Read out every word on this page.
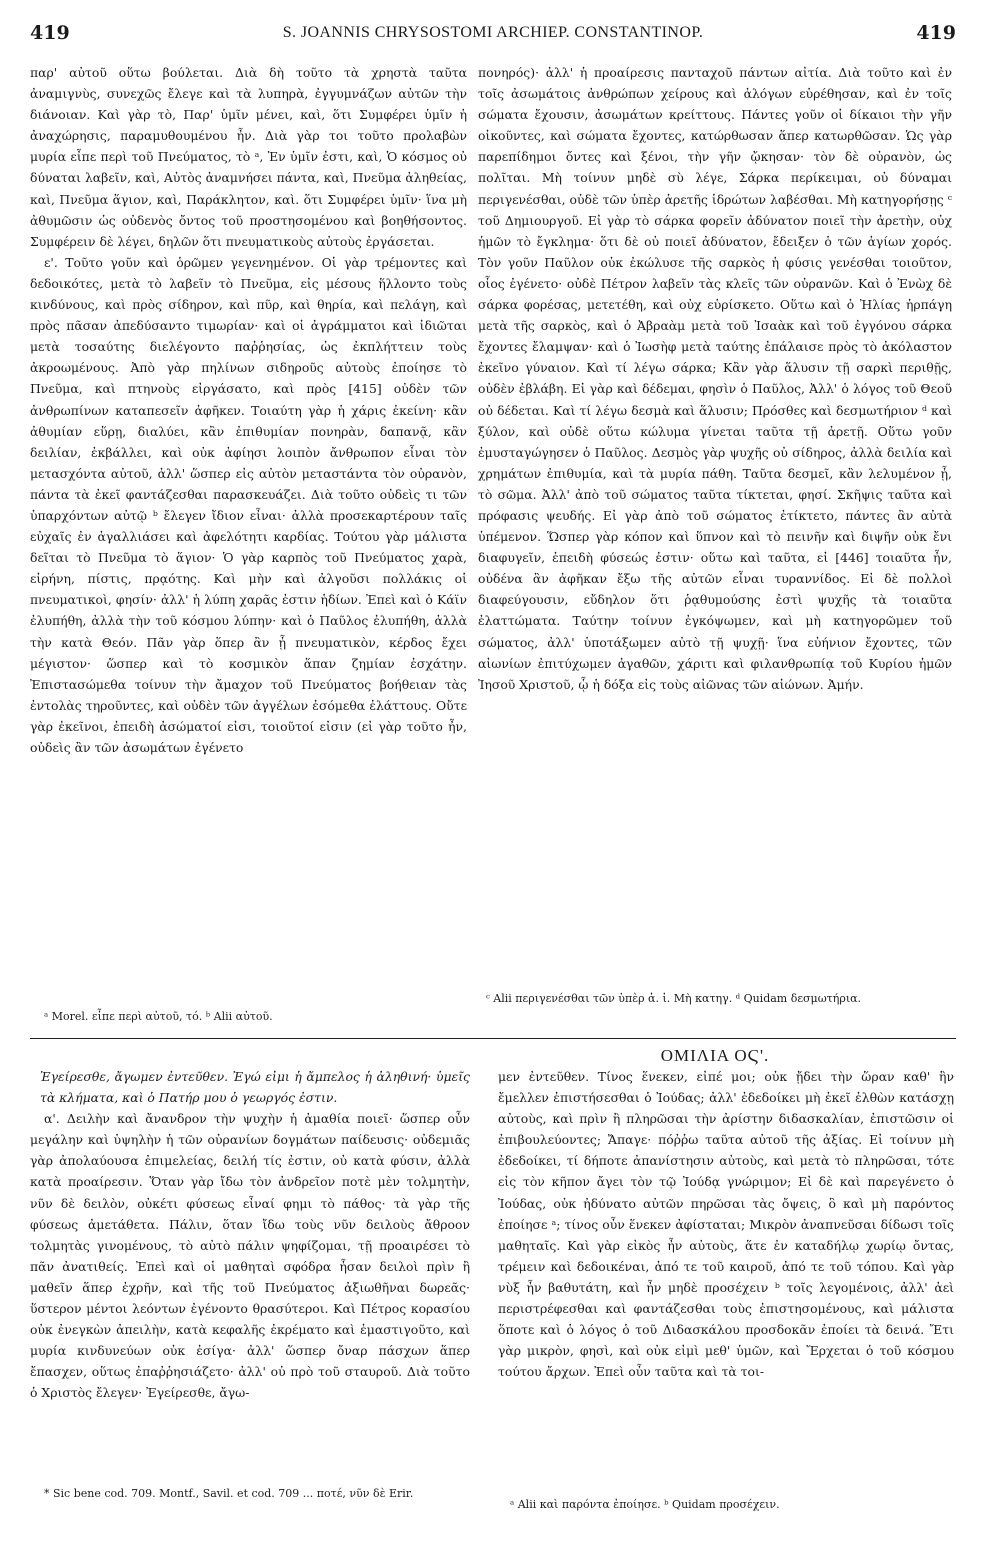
419	S. JOANNIS CHRYSOSTOMI ARCHIEP. CONSTANTINOP.	419

παρ' αὐτοῦ οὕτω βούλεται. Διὰ δὴ τοῦτο τὰ χρηστὰ ταῦτα ἀναμιγνὺς, συνεχῶς ἔλεγε καὶ τὰ λυπηρὰ, ἐγγυμνάζων αὐτῶν τὴν διάνοιαν. Καὶ γὰρ τὸ, Παρ' ὑμῖν μένει, καὶ, ὅτι Συμφέρει ὑμῖν ἡ ἀναχώρησις, παραμυθουμένου ἦν. Διὰ γὰρ τοι τοῦτο προλαβὼν μυρία εἶπε περὶ τοῦ Πνεύματος, τὸ ᵃ, Ἐν ὑμῖν ἐστι, καὶ, Ὁ κόσμος οὐ δύναται λαβεῖν, καὶ, Αὐτὸς ἀναμνήσει πάντα, καὶ, Πνεῦμα ἀληθείας, καὶ, Πνεῦμα ἅγιον, καὶ, Παράκλητον, καὶ. ὅτι Συμφέρει ὑμῖν· ἵνα μὴ ἀθυμῶσιν ὡς οὐδενὸς ὄντος τοῦ προστησομένου καὶ βοηθήσοντος. Συμφέρειν δὲ λέγει, δηλῶν ὅτι πνευματικοὺς αὐτοὺς ἐργάσεται.

ε'. Τοῦτο γοῦν καὶ ὁρῶμεν γεγενημένον. Οἱ γὰρ τρέμοντες καὶ δεδοικότες, μετὰ τὸ λαβεῖν τὸ Πνεῦμα, εἰς μέσους ἥλλοντο τοὺς κινδύνους, καὶ πρὸς σίδηρον, καὶ πῦρ, καὶ θηρία, καὶ πελάγη, καὶ πρὸς πᾶσαν ἀπεδύσαντο τιμωρίαν· καὶ οἱ ἀγράμματοι καὶ ἰδιῶται μετὰ τοσαύτης διελέγοντο παῤῥησίας, ὡς ἐκπλήττειν τοὺς ἀκροωμένους. Ἀπὸ γὰρ πηλίνων σιδηροῦς αὐτοὺς ἐποίησε τὸ Πνεῦμα, καὶ πτηνοὺς εἰργάσατο, καὶ πρὸς [415] οὐδὲν τῶν ἀνθρωπίνων καταπεσεῖν ἀφῆκεν. Τοιαύτη γὰρ ἡ χάρις ἐκείνη· κἂν ἀθυμίαν εὕρῃ, διαλύει, κἂν ἐπιθυμίαν πονηρὰν, δαπανᾷ, κἂν δειλίαν, ἐκβάλλει, καὶ οὐκ ἀφίησι λοιπὸν ἄνθρωπον εἶναι τὸν μετασχόντα αὐτοῦ, ἀλλ' ὥσπερ εἰς αὐτὸν μεταστάντα τὸν οὐρανὸν, πάντα τὰ ἐκεῖ φαντάζεσθαι παρασκευάζει. Διὰ τοῦτο οὐδεὶς τι τῶν ὑπαρχόντων αὐτῷ ᵇ ἔλεγεν ἴδιον εἶναι· ἀλλὰ προσεκαρτέρουν ταῖς εὐχαῖς ἐν ἀγαλλιάσει καὶ ἀφελότητι καρδίας. Τούτου γὰρ μάλιστα δεῖται τὸ Πνεῦμα τὸ ἅγιον· Ὁ γὰρ καρπὸς τοῦ Πνεύματος χαρὰ, εἰρήνη, πίστις, πρᾳότης. Καὶ μὴν καὶ ἀλγοῦσι πολλάκις οἱ πνευματικοὶ, φησίν· ἀλλ' ἡ λύπη χαρᾶς ἐστιν ἡδίων. Ἐπεὶ καὶ ὁ Κάϊν ἐλυπήθη, ἀλλὰ τὴν τοῦ κόσμου λύπην· καὶ ὁ Παῦλος ἐλυπήθη, ἀλλὰ τὴν κατὰ Θεόν. Πᾶν γὰρ ὅπερ ἂν ᾖ πνευματικὸν, κέρδος ἔχει μέγιστον· ὥσπερ καὶ τὸ κοσμικὸν ἅπαν ζημίαν ἐσχάτην. Ἐπιστασώμεθα τοίνυν τὴν ἄμαχον τοῦ Πνεύματος βοήθειαν τὰς ἐντολὰς τηροῦντες, καὶ οὐδὲν τῶν ἀγγέλων ἐσόμεθα ἐλάττους. Οὔτε γὰρ ἐκεῖνοι, ἐπειδὴ ἀσώματοί εἰσι, τοιοῦτοί εἰσιν (εἰ γὰρ τοῦτο ἦν, οὐδεὶς ἂν τῶν ἀσωμάτων ἐγένετο

πονηρός)· ἀλλ' ἡ προαίρεσις πανταχοῦ πάντων αἰτία. Διὰ τοῦτο καὶ ἐν τοῖς ἀσωμάτοις ἀνθρώπων χείρους καὶ ἀλόγων εὑρέθησαν, καὶ ἐν τοῖς σώματα ἔχουσιν, ἀσωμάτων κρείττους. Πάντες γοῦν οἱ δίκαιοι τὴν γῆν οἰκοῦντες, καὶ σώματα ἔχοντες, κατώρθωσαν ἅπερ κατωρθῶσαν. Ὡς γὰρ παρεπίδημοι ὄντες καὶ ξένοι, τὴν γῆν ᾤκησαν· τὸν δὲ οὐρανὸν, ὡς πολῖται. Μὴ τοίνυν μηδὲ σὺ λέγε, Σάρκα περίκειμαι, οὐ δύναμαι περιγενέσθαι, οὐδὲ τῶν ὑπὲρ ἀρετῆς ἱδρώτων λαβέσθαι. Μὴ κατηγορήσῃς ᶜ τοῦ Δημιουργοῦ. Εἰ γὰρ τὸ σάρκα φορεῖν ἀδύνατον ποιεῖ τὴν ἀρετὴν, οὐχ ἡμῶν τὸ ἔγκλημα· ὅτι δὲ οὐ ποιεῖ ἀδύνατον, ἔδειξεν ὁ τῶν ἁγίων χορός. Τὸν γοῦν Παῦλον οὐκ ἐκώλυσε τῆς σαρκὸς ἡ φύσις γενέσθαι τοιοῦτον, οἷος ἐγένετο· οὐδὲ Πέτρον λαβεῖν τὰς κλεῖς τῶν οὐρανῶν. Καὶ ὁ Ἐνὼχ δὲ σάρκα φορέσας, μετετέθη, καὶ οὐχ εὑρίσκετο. Οὕτω καὶ ὁ Ἠλίας ἡρπάγη μετὰ τῆς σαρκὸς, καὶ ὁ Ἀβραὰμ μετὰ τοῦ Ἰσαὰκ καὶ τοῦ ἐγγόνου σάρκα ἔχοντες ἔλαμψαν· καὶ ὁ Ἰωσὴφ μετὰ ταύτης ἐπάλαισε πρὸς τὸ ἀκόλαστον ἐκεῖνο γύναιον. Καὶ τί λέγω σάρκα; Κἂν γὰρ ἅλυσιν τῇ σαρκὶ περιθῇς, οὐδὲν ἐβλάβη. Εἰ γὰρ καὶ δέδεμαι, φησὶν ὁ Παῦλος, Ἀλλ' ὁ λόγος τοῦ Θεοῦ οὐ δέδεται. Καὶ τί λέγω δεσμὰ καὶ ἅλυσιν; Πρόσθες καὶ δεσμωτήριον ᵈ καὶ ξύλον, καὶ οὐδὲ οὕτω κώλυμα γίνεται ταῦτα τῇ ἀρετῇ. Οὕτω γοῦν ἐμυσταγώγησεν ὁ Παῦλος. Δεσμὸς γὰρ ψυχῆς οὐ σίδηρος, ἀλλὰ δειλία καὶ χρημάτων ἐπιθυμία, καὶ τὰ μυρία πάθη. Ταῦτα δεσμεῖ, κἂν λελυμένον ᾖ, τὸ σῶμα. Ἀλλ' ἀπὸ τοῦ σώματος ταῦτα τίκτεται, φησί. Σκῆψις ταῦτα καὶ πρόφασις ψευδής. Εἰ γὰρ ἀπὸ τοῦ σώματος ἐτίκτετο, πάντες ἂν αὐτὰ ὑπέμενον. Ὥσπερ γὰρ κόπον καὶ ὕπνον καὶ τὸ πεινῆν καὶ διψῆν οὐκ ἔνι διαφυγεῖν, ἐπειδὴ φύσεώς ἐστιν· οὕτω καὶ ταῦτα, εἰ [446] τοιαῦτα ἦν, οὐδένα ἂν ἀφῆκαν ἔξω τῆς αὐτῶν εἶναι τυραννίδος. Εἰ δὲ πολλοὶ διαφεύγουσιν, εὔδηλον ὅτι ῥᾳθυμούσης ἐστὶ ψυχῆς τὰ τοιαῦτα ἐλαττώματα. Ταύτην τοίνυν ἐγκόψωμεν, καὶ μὴ κατηγορῶμεν τοῦ σώματος, ἀλλ' ὑποτάξωμεν αὐτὸ τῇ ψυχῇ· ἵνα εὐήνιον ἔχοντες, τῶν αἰωνίων ἐπιτύχωμεν ἀγαθῶν, χάριτι καὶ φιλανθρωπίᾳ τοῦ Κυρίου ἡμῶν Ἰησοῦ Χριστοῦ, ᾧ ἡ δόξα εἰς τοὺς αἰῶνας τῶν αἰώνων. Ἀμήν.

ᵃ Morel. εἶπε περὶ αὐτοῦ, τό. ᵇ Alii αὐτοῦ.
ᶜ Alii περιγενέσθαι τῶν ὑπὲρ ἀ. ἱ. Μὴ κατηγ. ᵈ Quidam δεσμωτήρια.
ΟΜΙΛΙΑ ΟϚ'.

Ἐγείρεσθε, ἄγωμεν ἐντεῦθεν. Ἐγώ εἰμι ἡ ἄμπελος ἡ ἀληθινή· ὑμεῖς τὰ κλήματα, καὶ ὁ Πατήρ μου ὁ γεωργός ἐστιν.

α'. Δειλὴν καὶ ἄνανδρον τὴν ψυχὴν ἡ ἀμαθία ποιεῖ· ὥσπερ οὖν μεγάλην καὶ ὑψηλὴν ἡ τῶν οὐρανίων δογμάτων παίδευσις· οὐδεμιᾶς γὰρ ἀπολαύουσα ἐπιμελείας, δειλή τίς ἐστιν, οὐ κατὰ φύσιν, ἀλλὰ κατὰ προαίρεσιν. Ὅταν γὰρ ἴδω τὸν ἀνδρεῖον ποτὲ μὲν τολμητὴν, νῦν δὲ δειλὸν, οὐκέτι φύσεως εἶναί φημι τὸ πάθος· τὰ γὰρ τῆς φύσεως ἀμετάθετα. Πάλιν, ὅταν ἴδω τοὺς νῦν δειλοὺς ἄθροον τολμητὰς γινομένους, τὸ αὐτὸ πάλιν ψηφίζομαι, τῇ προαιρέσει τὸ πᾶν ἀνατιθείς. Ἐπεὶ καὶ οἱ μαθηταὶ σφόδρα ἦσαν δειλοὶ πρὶν ἢ μαθεῖν ἅπερ ἐχρῆν, καὶ τῆς τοῦ Πνεύματος ἀξιωθῆναι δωρεᾶς· ὕστερον μέντοι λεόντων ἐγένοντο θρασύτεροι. Καὶ Πέτρος κορασίου οὐκ ἐνεγκὼν ἀπειλὴν, κατὰ κεφαλῆς ἐκρέματο καὶ ἐμαστιγοῦτο, καὶ μυρία κινδυνεύων οὐκ ἐσίγα· ἀλλ' ὥσπερ ὄναρ πάσχων ἅπερ ἔπασχεν, οὕτως ἐπαῤῥησιάζετο· ἀλλ' οὐ πρὸ τοῦ σταυροῦ. Διὰ τοῦτο ὁ Χριστὸς ἔλεγεν· Ἐγείρεσθε, ἄγω-

μεν ἐντεῦθεν. Τίνος ἕνεκεν, εἰπέ μοι; οὐκ ᾔδει τὴν ὥραν καθ' ἣν ἔμελλεν ἐπιστήσεσθαι ὁ Ἰούδας; ἀλλ' ἐδεδοίκει μὴ ἐκεῖ ἐλθὼν κατάσχῃ αὐτοὺς, καὶ πρὶν ἢ πληρῶσαι τὴν ἀρίστην διδασκαλίαν, ἐπιστῶσιν οἱ ἐπιβουλεύοντες; Ἄπαγε· πόῤῥω ταῦτα αὐτοῦ τῆς ἀξίας. Εἰ τοίνυν μὴ ἐδεδοίκει, τί δήποτε ἀπανίστησιν αὐτοὺς, καὶ μετὰ τὸ πληρῶσαι, τότε εἰς τὸν κῆπον ἄγει τὸν τῷ Ἰούδᾳ γνώριμον; Εἰ δὲ καὶ παρεγένετο ὁ Ἰούδας, οὐκ ἠδύνατο αὐτῶν πηρῶσαι τὰς ὄψεις, ὃ καὶ μὴ παρόντος ἐποίησε ᵃ; τίνος οὖν ἕνεκεν ἀφίσταται; Μικρὸν ἀναπνεῦσαι δίδωσι τοῖς μαθηταῖς. Καὶ γὰρ εἰκὸς ἦν αὐτοὺς, ἅτε ἐν καταδήλῳ χωρίῳ ὄντας, τρέμειν καὶ δεδοικέναι, ἀπό τε τοῦ καιροῦ, ἀπό τε τοῦ τόπου. Καὶ γὰρ νὺξ ἦν βαθυτάτη, καὶ ἦν μηδὲ προσέχειν ᵇ τοῖς λεγομένοις, ἀλλ' ἀεὶ περιστρέφεσθαι καὶ φαντάζεσθαι τοὺς ἐπιστησομένους, καὶ μάλιστα ὅποτε καὶ ὁ λόγος ὁ τοῦ Διδασκάλου προσδοκᾶν ἐποίει τὰ δεινά. Ἔτι γὰρ μικρὸν, φησὶ, καὶ οὐκ εἰμὶ μεθ' ὑμῶν, καὶ Ἔρχεται ὁ τοῦ κόσμου τούτου ἄρχων. Ἐπεὶ οὖν ταῦτα καὶ τὰ τοι-

* Sic bene cod. 709. Montf., Savil. et cod. 709 ... ποτέ, νῦν δὲ Erir.
ᵃ Alii καὶ παρόντα ἐποίησε. ᵇ Quidam προσέχειν.
